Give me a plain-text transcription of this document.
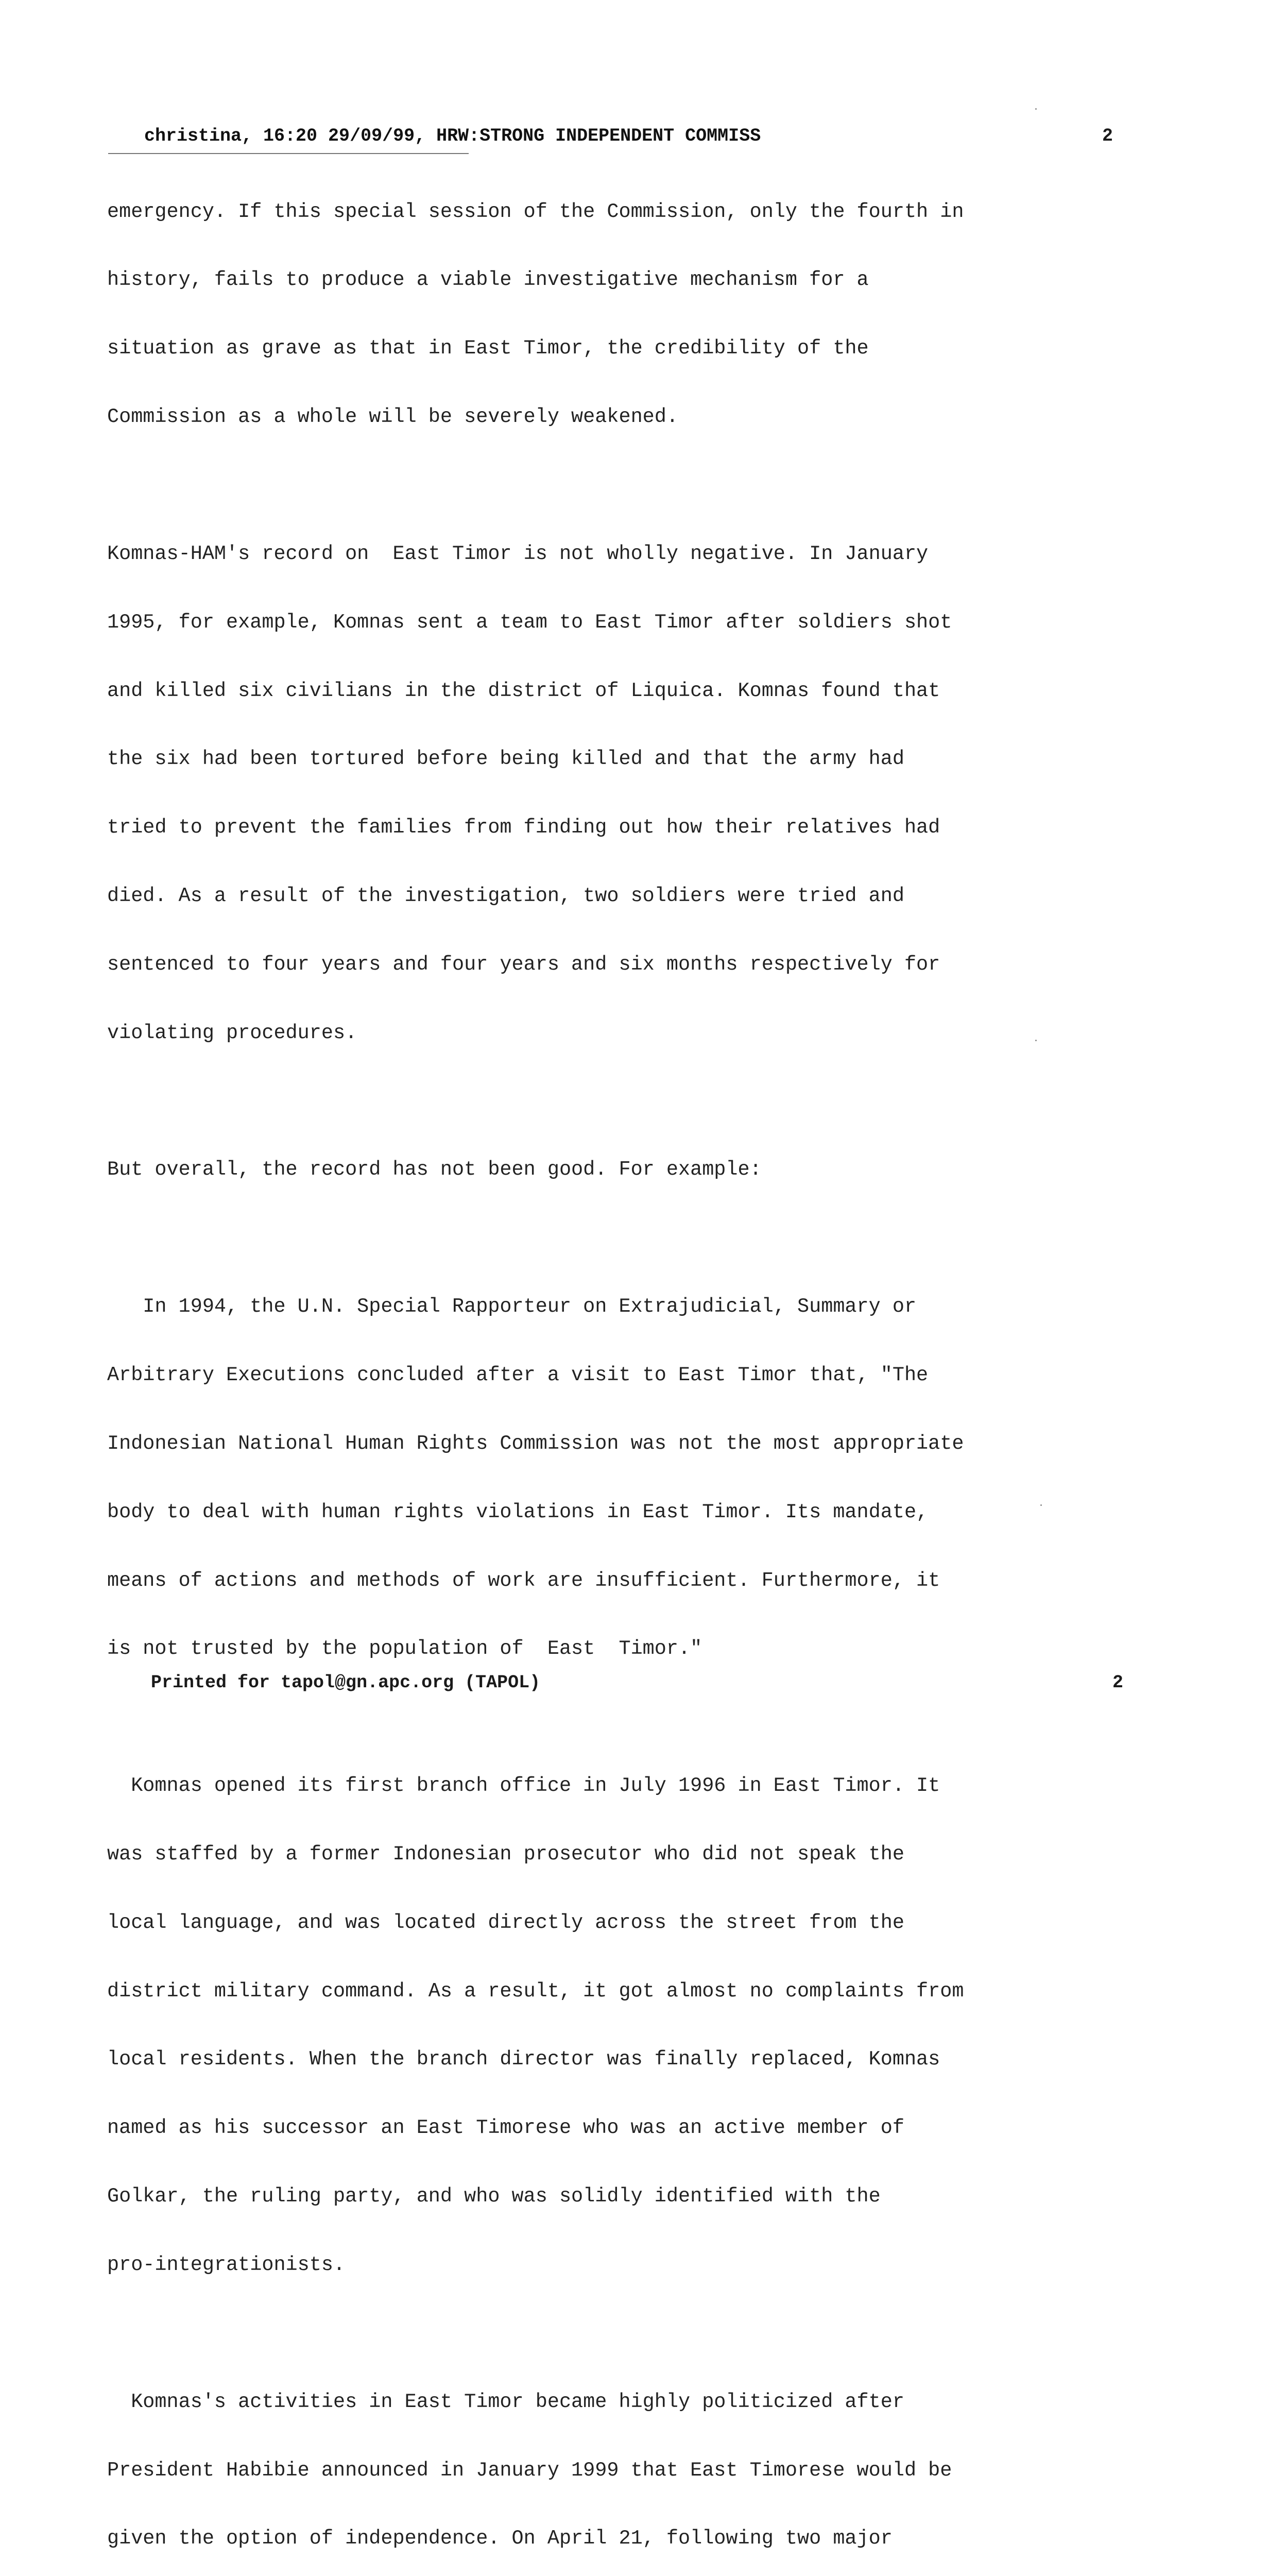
christina, 16:20 29/09/99, HRW:STRONG INDEPENDENT COMMISS	2

emergency. If this special session of the Commission, only the fourth in

history, fails to produce a viable investigative mechanism for a

situation as grave as that in East Timor, the credibility of the

Commission as a whole will be severely weakened.

Komnas-HAM's record on  East Timor is not wholly negative. In January

1995, for example, Komnas sent a team to East Timor after soldiers shot

and killed six civilians in the district of Liquica. Komnas found that

the six had been tortured before being killed and that the army had

tried to prevent the families from finding out how their relatives had

died. As a result of the investigation, two soldiers were tried and

sentenced to four years and four years and six months respectively for

violating procedures.

But overall, the record has not been good. For example:

In 1994, the U.N. Special Rapporteur on Extrajudicial, Summary or

Arbitrary Executions concluded after a visit to East Timor that, "The

Indonesian National Human Rights Commission was not the most appropriate

body to deal with human rights violations in East Timor. Its mandate,

means of actions and methods of work are insufficient. Furthermore, it

is not trusted by the population of  East  Timor."

Komnas opened its first branch office in July 1996 in East Timor. It

was staffed by a former Indonesian prosecutor who did not speak the

local language, and was located directly across the street from the

district military command. As a result, it got almost no complaints from

local residents. When the branch director was finally replaced, Komnas

named as his successor an East Timorese who was an active member of

Golkar, the ruling party, and who was solidly identified with the

pro-integrationists.

Komnas's activities in East Timor became highly politicized after

President Habibie announced in January 1999 that East Timorese would be

given the option of independence. On April 21, following two major

Printed for tapol@gn.apc.org (TAPOL)	2
